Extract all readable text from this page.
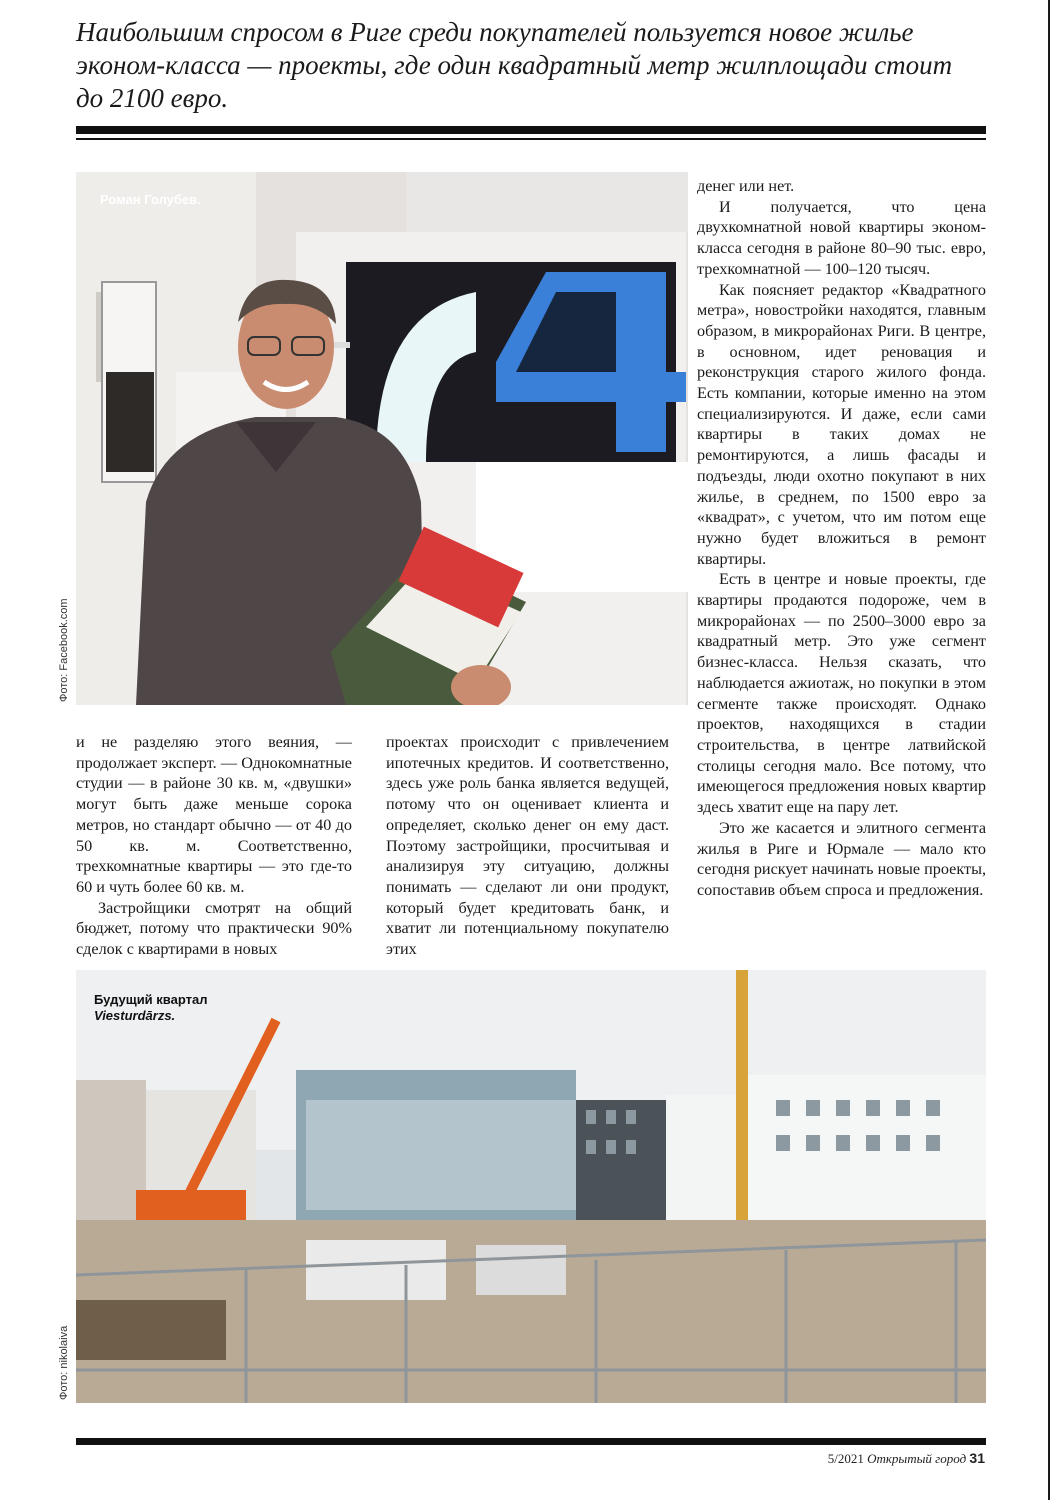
Наибольшим спросом в Риге среди покупателей пользуется новое жилье эконом-класса — проекты, где один квадратный метр жилплощади стоит до 2100 евро.
Роман Голубев.
Фото: Facebook.com

и не разделяю этого веяния, — продолжает эксперт. — Однокомнатные студии — в районе 30 кв. м, «двушки» могут быть даже меньше сорока метров, но стандарт обычно — от 40 до 50 кв. м. Соответственно, трехкомнатные квартиры — это где-то 60 и чуть более 60 кв. м.

Застройщики смотрят на общий бюджет, потому что практически 90% сделок с квартирами в новых

проектах происходит с привлечением ипотечных кредитов. И соответственно, здесь уже роль банка является ведущей, потому что он оценивает клиента и определяет, сколько денег он ему даст. Поэтому застройщики, просчитывая и анализируя эту ситуацию, должны понимать — сделают ли они продукт, который будет кредитовать банк, и хватит ли потенциальному покупателю этих

денег или нет.

И получается, что цена двухкомнатной новой квартиры эконом-класса сегодня в районе 80–90 тыс. евро, трехкомнатной — 100–120 тысяч.

Как поясняет редактор «Квадратного метра», новостройки находятся, главным образом, в микрорайонах Риги. В центре, в основном, идет реновация и реконструкция старого жилого фонда. Есть компании, которые именно на этом специализируются. И даже, если сами квартиры в таких домах не ремонтируются, а лишь фасады и подъезды, люди охотно покупают в них жилье, в среднем, по 1500 евро за «квадрат», с учетом, что им потом еще нужно будет вложиться в ремонт квартиры.

Есть в центре и новые проекты, где квартиры продаются подороже, чем в микрорайонах — по 2500–3000 евро за квадратный метр. Это уже сегмент бизнес-класса. Нельзя сказать, что наблюдается ажиотаж, но покупки в этом сегменте также происходят. Однако проектов, находящихся в стадии строительства, в центре латвийской столицы сегодня мало. Все потому, что имеющегося предложения новых квартир здесь хватит еще на пару лет.

Это же касается и элитного сегмента жилья в Риге и Юрмале — мало кто сегодня рискует начинать новые проекты, сопоставив объем спроса и предложения.

Будущий квартал
Viesturdārzs.
Фото: nikolaiva
5/2021 Открытый город 31
